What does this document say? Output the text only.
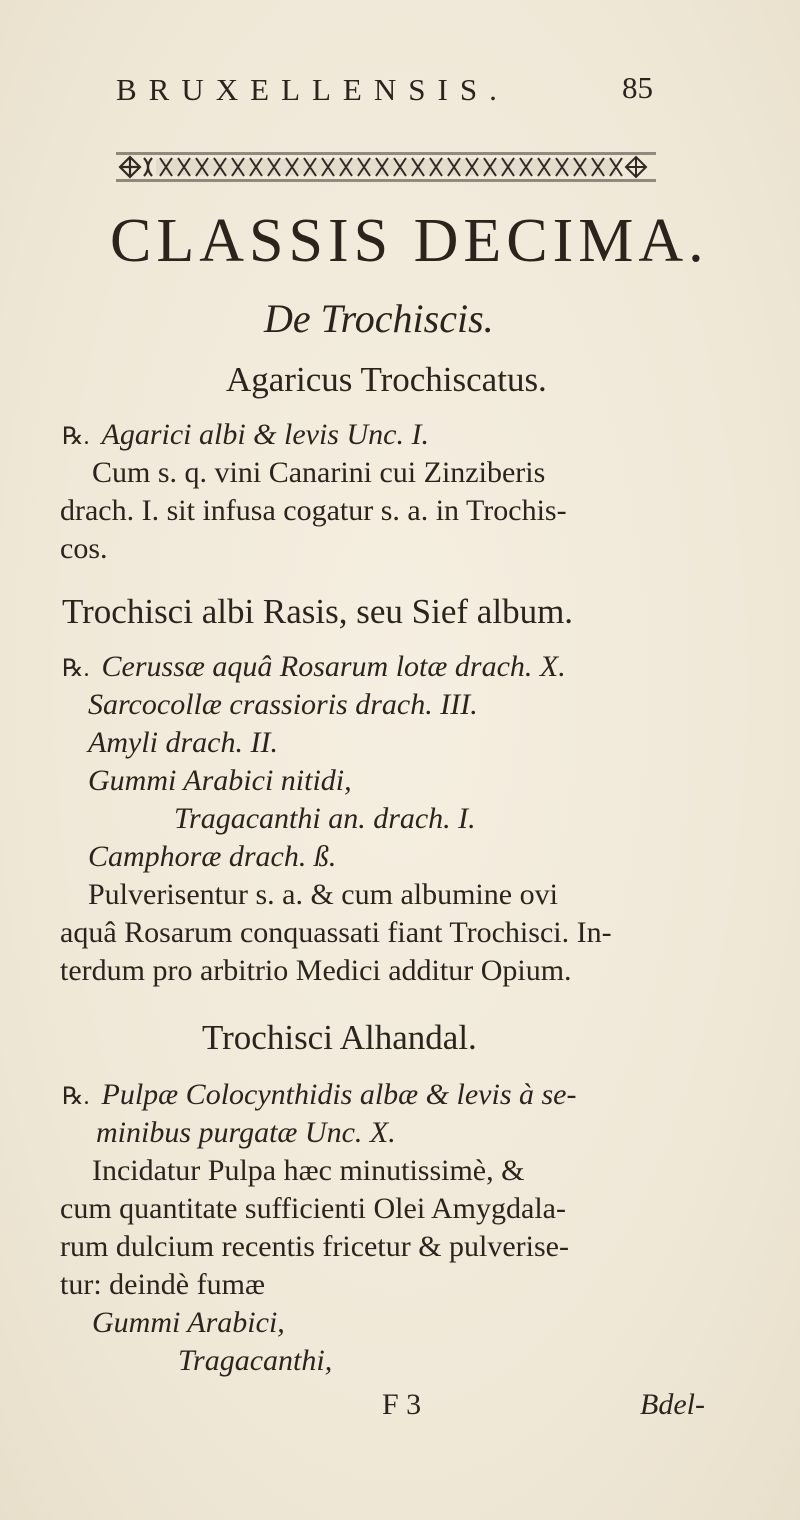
BRUXELLENSIS.	85
CLASSIS DECIMA.
De Trochiscis.
Agaricus Trochiscatus.
℞. Agarici albi & levis Unc. I.
Cum s. q. vini Canarini cui Zinziberis
drach. I. sit infusa cogatur s. a. in Trochis-
cos.
Trochisci albi Rasis, seu Sief album.
℞. Cerussæ aquâ Rosarum lotæ drach. X.
Sarcocollæ crassioris drach. III.
Amyli drach. II.
Gummi Arabici nitidi,
Tragacanthi an. drach. I.
Camphoræ drach. ß.
Pulverisentur s. a. & cum albumine ovi
aquâ Rosarum conquassati fiant Trochisci. In-
terdum pro arbitrio Medici additur Opium.
Trochisci Alhandal.
℞. Pulpæ Colocynthidis albæ & levis à se-
minibus purgatæ Unc. X.
Incidatur Pulpa hæc minutissimè, &
cum quantitate sufficienti Olei Amygdala-
rum dulcium recentis fricetur & pulverise-
tur: deindè fumæ
Gummi Arabici,
Tragacanthi,
F 3	Bdel-
